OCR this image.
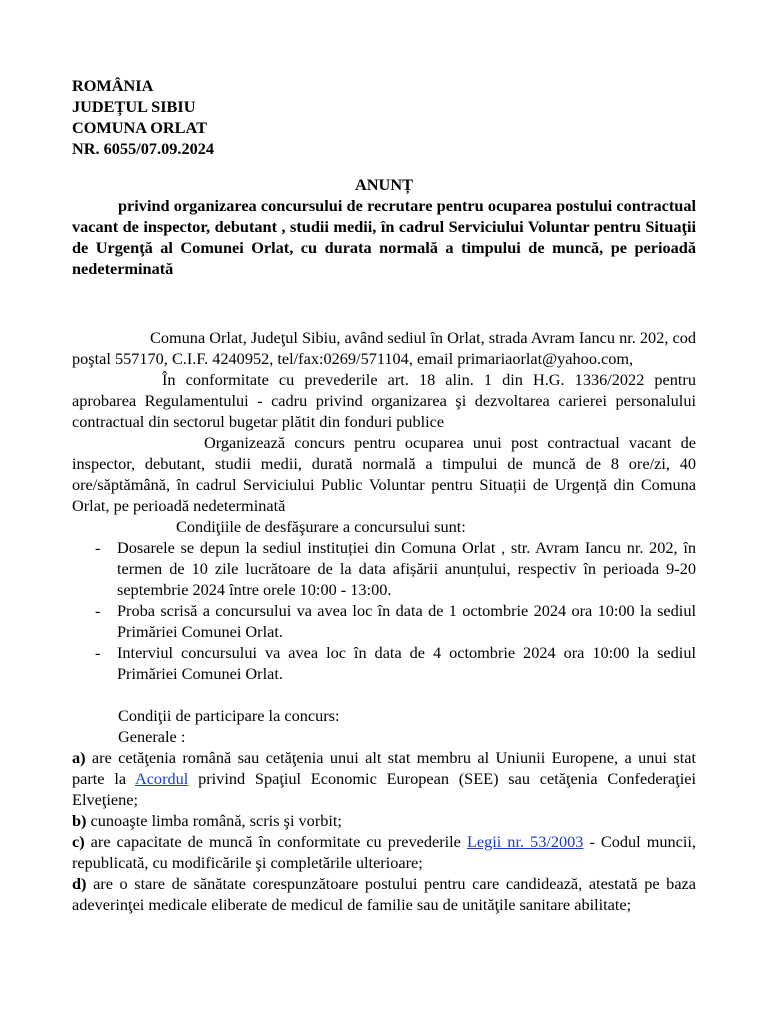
ROMÂNIA

JUDEȚUL SIBIU

COMUNA ORLAT

NR. 6055/07.09.2024

ANUNȚ

privind organizarea concursului de recrutare pentru ocuparea postului contractual vacant de inspector, debutant , studii medii, în cadrul Serviciului Voluntar pentru Situaţii de Urgenţă al Comunei Orlat, cu durata normală a timpului de muncă, pe perioadă nedeterminată

Comuna Orlat, Judeţul Sibiu, având sediul în Orlat, strada Avram Iancu nr. 202, cod poştal 557170, C.I.F. 4240952, tel/fax:0269/571104, email primariaorlat@yahoo.com,

În conformitate cu prevederile art. 18 alin. 1 din H.G. 1336/2022 pentru aprobarea Regulamentului - cadru privind organizarea şi dezvoltarea carierei personalului contractual din sectorul bugetar plătit din fonduri publice

Organizează concurs pentru ocuparea unui post contractual vacant de inspector, debutant, studii medii, durată normală a timpului de muncă de 8 ore/zi, 40 ore/săptămână, în cadrul Serviciului Public Voluntar pentru Situații de Urgență din Comuna Orlat, pe perioadă nedeterminată

Condiţiile de desfăşurare a concursului sunt:

- Dosarele se depun la sediul instituției din Comuna Orlat , str. Avram Iancu nr. 202, în termen de 10 zile lucrătoare de la data afișării anunțului, respectiv în perioada 9-20 septembrie 2024 între orele 10:00 - 13:00.
- Proba scrisă a concursului va avea loc în data de 1 octombrie 2024 ora 10:00 la sediul Primăriei Comunei Orlat.
- Interviul concursului va avea loc în data de 4 octombrie 2024 ora 10:00 la sediul Primăriei Comunei Orlat.

Condiţii de participare la concurs:

Generale :

a) are cetăţenia română sau cetăţenia unui alt stat membru al Uniunii Europene, a unui stat parte la Acordul privind Spaţiul Economic European (SEE) sau cetăţenia Confederaţiei Elveţiene;

b) cunoaşte limba română, scris şi vorbit;

c) are capacitate de muncă în conformitate cu prevederile Legii nr. 53/2003 - Codul muncii, republicată, cu modificările şi completările ulterioare;

d) are o stare de sănătate corespunzătoare postului pentru care candidează, atestată pe baza adeverinţei medicale eliberate de medicul de familie sau de unităţile sanitare abilitate;
